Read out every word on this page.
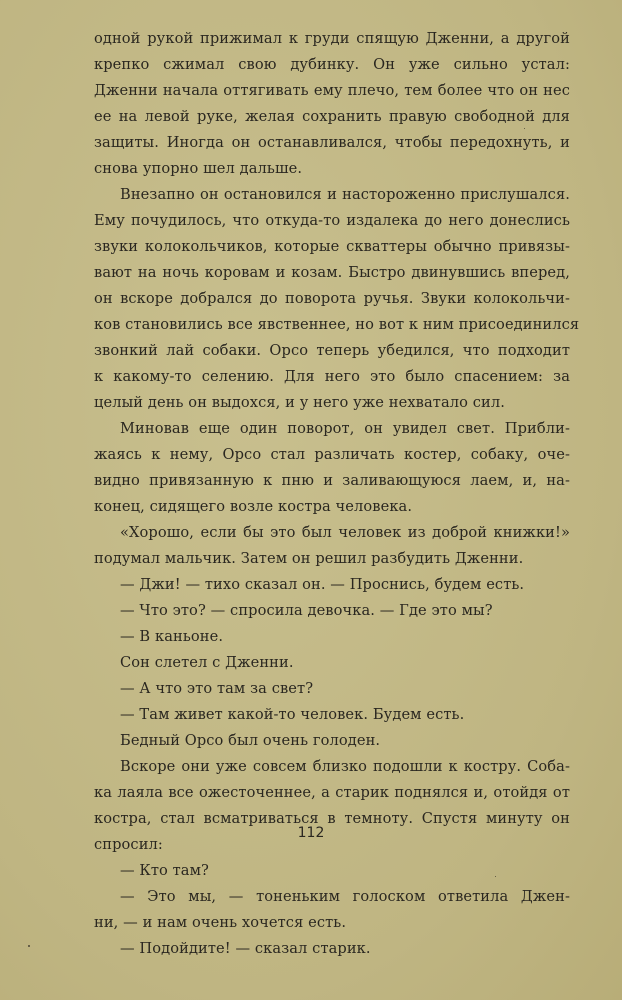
одной рукой прижимал к груди спящую Дженни, а другой
крепко сжимал свою дубинку. Он уже сильно устал:
Дженни начала оттягивать ему плечо, тем более что он нес
ее на левой руке, желая сохранить правую свободной для
защиты. Иногда он останавливался, чтобы передохнуть, и
снова упорно шел дальше.
Внезапно он остановился и настороженно прислушался.
Ему почудилось, что откуда-то издалека до него донеслись
звуки колокольчиков, которые скваттеры обычно привязы-
вают на ночь коровам и козам. Быстро двинувшись вперед,
он вскоре добрался до поворота ручья. Звуки колокольчи-
ков становились все явственнее, но вот к ним присоединился
звонкий лай собаки. Орсо теперь убедился, что подходит
к какому-то селению. Для него это было спасением: за
целый день он выдохся, и у него уже нехватало сил.
Миновав еще один поворот, он увидел свет. Прибли-
жаясь к нему, Орсо стал различать костер, собаку, оче-
видно привязанную к пню и заливающуюся лаем, и, на-
конец, сидящего возле костра человека.
«Хорошо, если бы это был человек из доброй книжки!»
подумал мальчик. Затем он решил разбудить Дженни.
— Джи! — тихо сказал он. — Проснись, будем есть.
— Что это? — спросила девочка. — Где это мы?
— В каньоне.
Сон слетел с Дженни.
— А что это там за свет?
— Там живет какой-то человек. Будем есть.
Бедный Орсо был очень голоден.
Вскоре они уже совсем близко подошли к костру. Соба-
ка лаяла все ожесточеннее, а старик поднялся и, отойдя от
костра, стал всматриваться в темноту. Спустя минуту он
спросил:
— Кто там?
— Это мы, — тоненьким голоском ответила Джен-
ни, — и нам очень хочется есть.
— Подойдите! — сказал старик.
112
